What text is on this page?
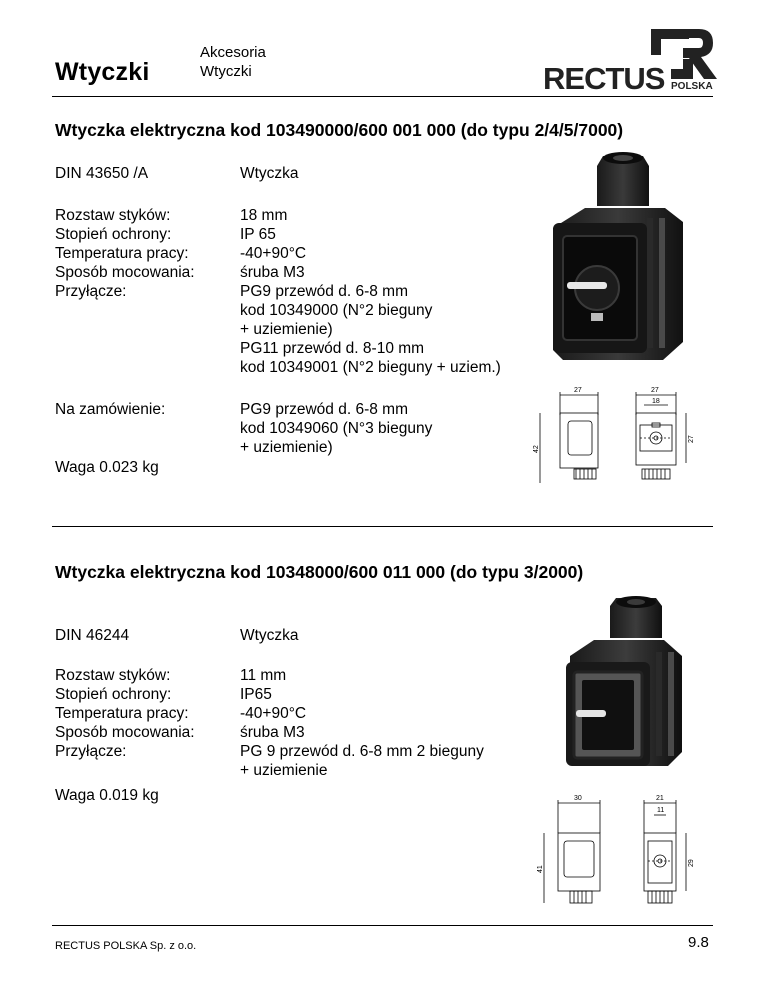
Wtyczki
Akcesoria
Wtyczki	RECTUS POLSKA
Wtyczka elektryczna kod 103490000/600 001 000 (do typu 2/4/5/7000)
DIN 43650 /A	Wtyczka
Rozstaw styków:	18 mm
Stopień ochrony:	IP 65
Temperatura pracy:	-40+90°C
Sposób mocowania:	śruba M3
Przyłącze:	PG9 przewód d. 6-8 mm
kod 10349000 (N°2 bieguny
+ uziemienie)
PG11 przewód d. 8-10 mm
kod 10349001 (N°2 bieguny + uziem.)
Na zamówienie:	PG9 przewód d. 6-8 mm
kod 10349060 (N°3 bieguny
+ uziemienie)
Waga 0.023 kg
27	27
18
42
27
Wtyczka elektryczna kod 10348000/600 011 000 (do typu 3/2000)
DIN 46244	Wtyczka
Rozstaw styków:	11 mm
Stopień ochrony:	IP65
Temperatura pracy:	-40+90°C
Sposób mocowania:	śruba M3
Przyłącze:	PG 9 przewód d. 6-8 mm 2 bieguny
+ uziemienie
Waga 0.019 kg	30	21
11
41
29
RECTUS POLSKA Sp. z o.o.	9.8
